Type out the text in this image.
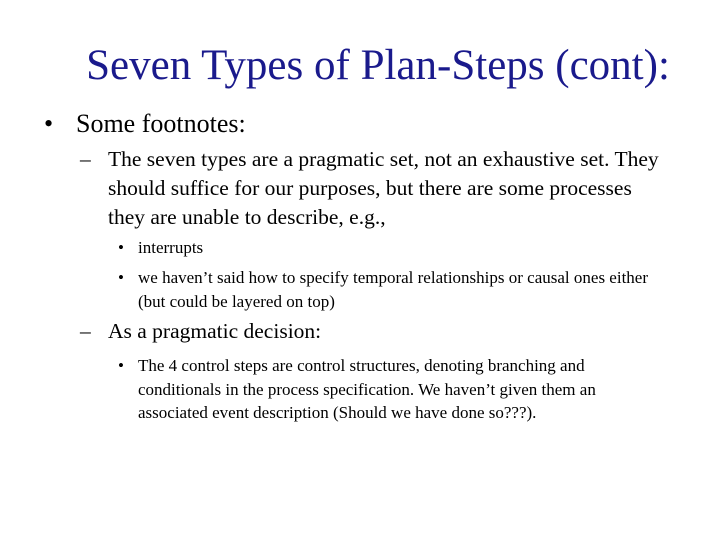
Seven Types of Plan-Steps (cont):
• Some footnotes:
– The seven types are a pragmatic set, not an exhaustive set. They should suffice for our purposes, but there are some processes they are unable to describe, e.g.,
• interrupts
• we haven’t said how to specify temporal relationships or causal ones either (but could be layered on top)
– As a pragmatic decision:
• The 4 control steps are control structures, denoting branching and conditionals in the process specification. We haven’t given them an associated event description (Should we have done so???).
